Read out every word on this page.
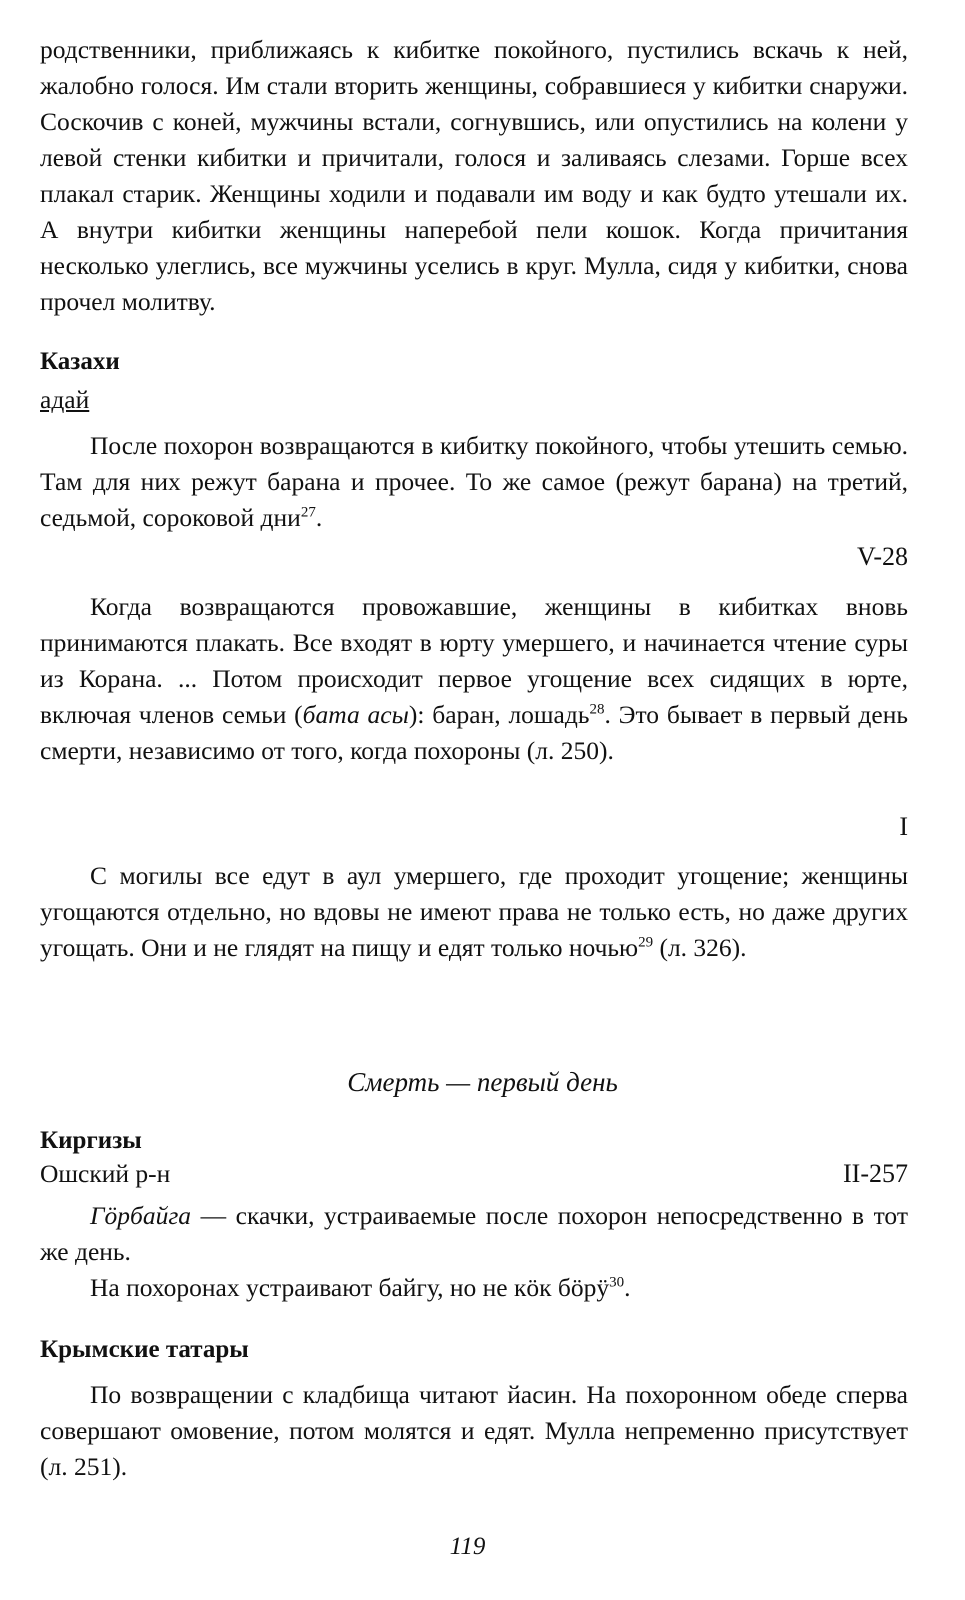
родственники, приближаясь к кибитке покойного, пустились вскачь к ней, жалобно голося. Им стали вторить женщины, собравшиеся у кибитки снаружи. Соскочив с коней, мужчины встали, согнувшись, или опустились на колени у левой стенки кибитки и причитали, голося и заливаясь слезами. Горше всех плакал старик. Женщины ходили и подавали им воду и как будто утешали их. А внутри кибитки женщины наперебой пели кошок. Когда причитания несколько улеглись, все мужчины уселись в круг. Мулла, сидя у кибитки, снова прочел молитву.

Казахи

адай

После похорон возвращаются в кибитку покойного, чтобы утешить семью. Там для них режут барана и прочее. То же самое (режут барана) на третий, седьмой, сороковой дни$^{27}$.

V-28

Когда возвращаются провожавшие, женщины в кибитках вновь принимаются плакать. Все входят в юрту умершего, и начинается чтение суры из Корана. ... Потом происходит первое угощение всех сидящих в юрте, включая членов семьи (бата асы): баран, лошадь$^{28}$. Это бывает в первый день смерти, независимо от того, когда похороны (л. 250).

I

С могилы все едут в аул умершего, где проходит угощение; женщины угощаются отдельно, но вдовы не имеют права не только есть, но даже других угощать. Они и не глядят на пищу и едят только ночью$^{29}$ (л. 326).

Смерть — первый день

Киргизы

Ошский р-н	II-257

Гӧрбайга — скачки, устраиваемые после похорон непосредственно в тот же день.

На похоронах устраивают байгу, но не кӧк бӧрӱ$^{30}$.

Крымские татары

По возвращении с кладбища читают йасин. На похоронном обеде сперва совершают омовение, потом молятся и едят. Мулла непременно присутствует (л. 251).

119
